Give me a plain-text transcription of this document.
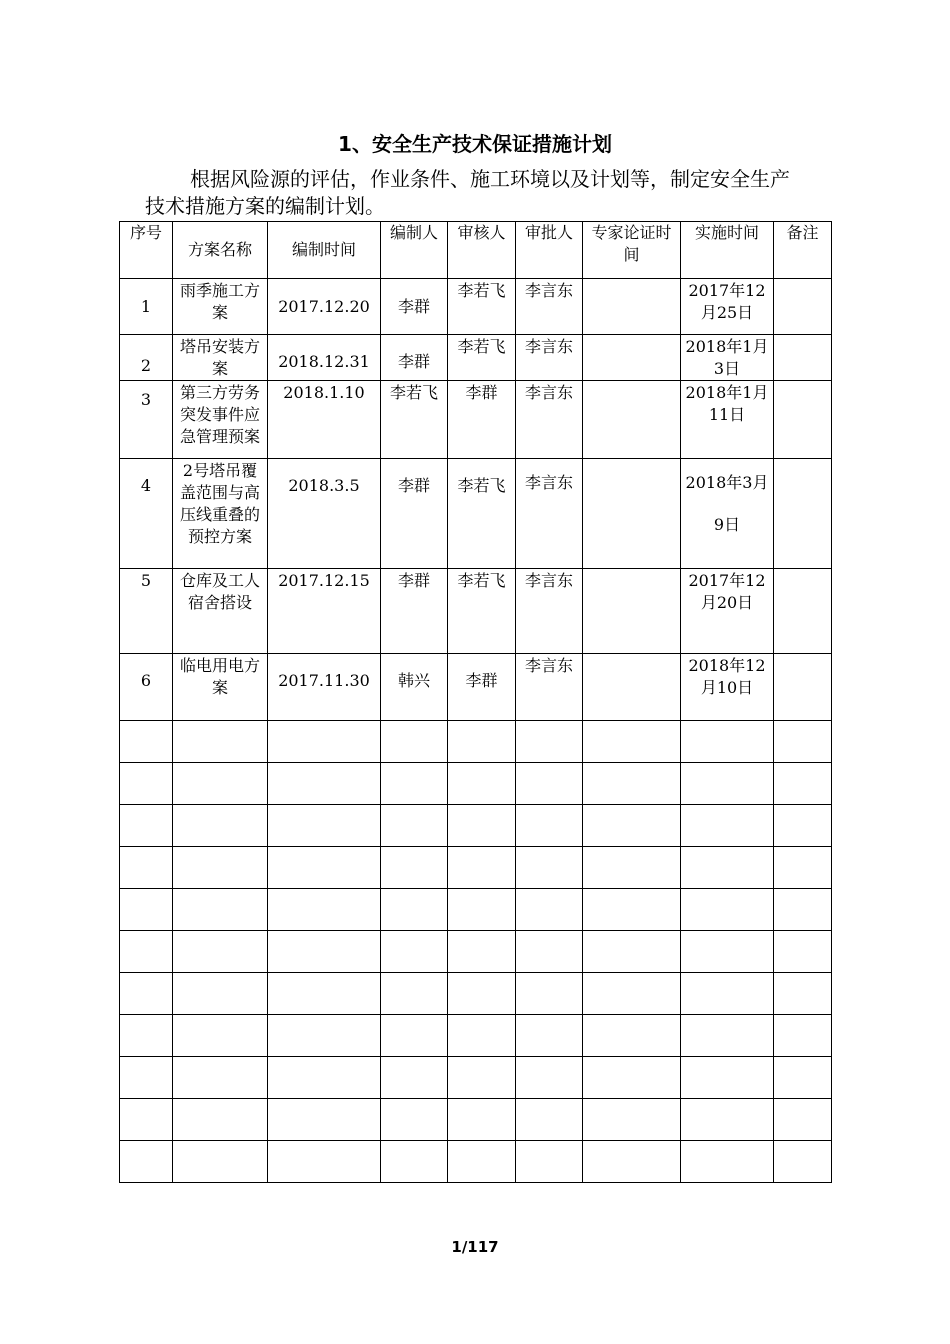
1、安全生产技术保证措施计划
根据风险源的评估，作业条件、施工环境以及计划等，制定安全生产技术措施方案的编制计划。
序号	方案名称	编制时间	编制人	审核人	审批人	专家论证时间	实施时间	备注
1	雨季施工方案	2017.12.20	李群	李若飞	李言东		2017年12月25日	
2	塔吊安装方案	2018.12.31	李群	李若飞	李言东		2018年1月3日	
3	第三方劳务突发事件应急管理预案	2018.1.10	李若飞	李群	李言东		2018年1月11日	
4	2号塔吊覆盖范围与高压线重叠的预控方案	2018.3.5	李群	李若飞	李言东		2018年3月9日	
5	仓库及工人宿舍搭设	2017.12.15	李群	李若飞	李言东		2017年12月20日	
6	临电用电方案	2017.11.30	韩兴	李群	李言东		2018年12月10日	

1/117
